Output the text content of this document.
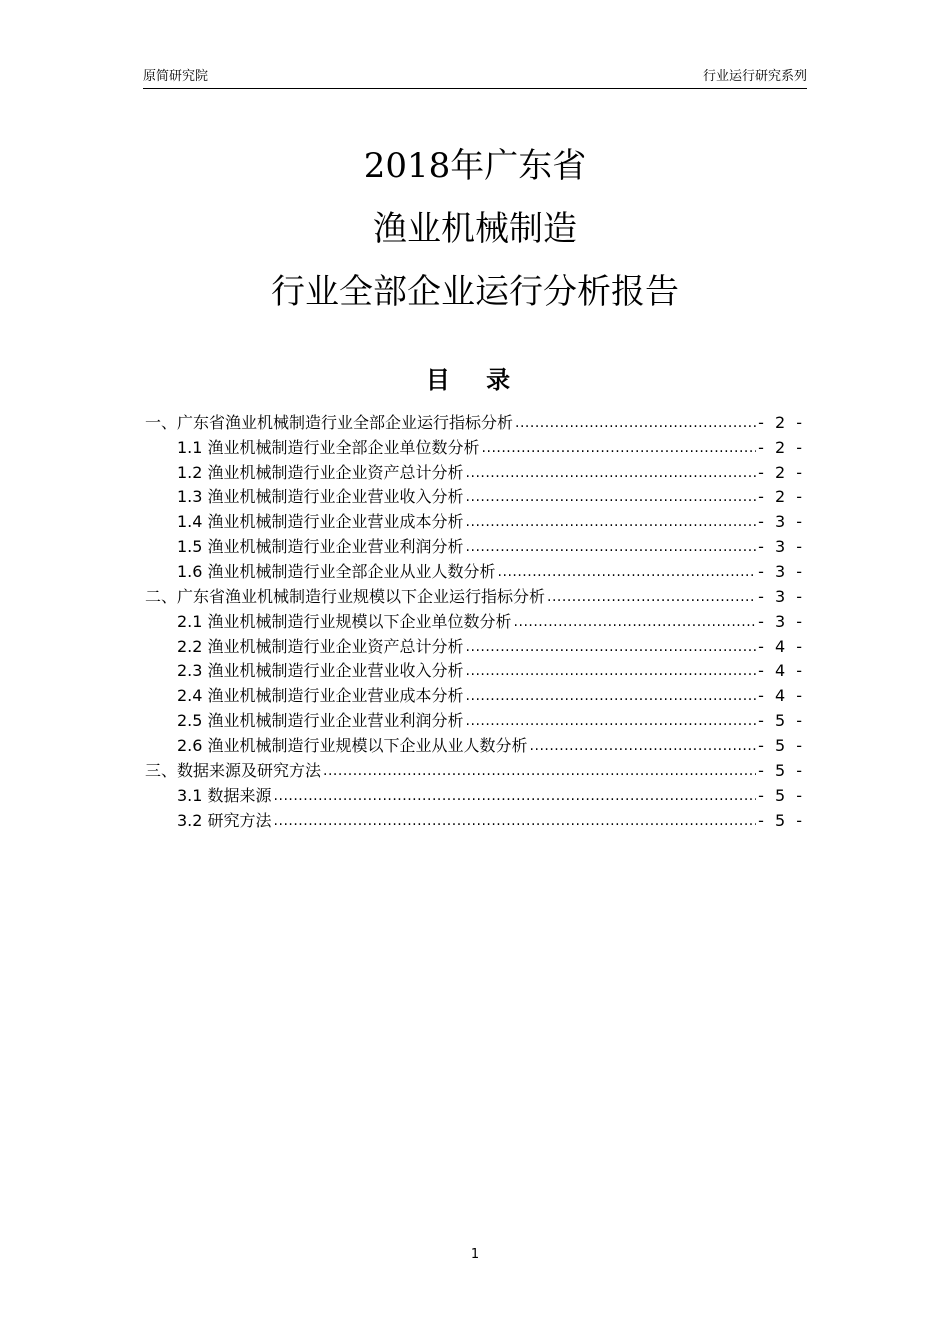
原简研究院	行业运行研究系列
2018年广东省
渔业机械制造
行业全部企业运行分析报告
目 录
一、广东省渔业机械制造行业全部企业运行指标分析 .....	- 2 -
1.1 渔业机械制造行业全部企业单位数分析 .....	- 2 -
1.2 渔业机械制造行业企业资产总计分析 .....	- 2 -
1.3 渔业机械制造行业企业营业收入分析 .....	- 2 -
1.4 渔业机械制造行业企业营业成本分析 .....	- 3 -
1.5 渔业机械制造行业企业营业利润分析 .....	- 3 -
1.6 渔业机械制造行业全部企业从业人数分析 .....	- 3 -
二、广东省渔业机械制造行业规模以下企业运行指标分析 .....	- 3 -
2.1 渔业机械制造行业规模以下企业单位数分析 .....	- 3 -
2.2 渔业机械制造行业企业资产总计分析 .....	- 4 -
2.3 渔业机械制造行业企业营业收入分析 .....	- 4 -
2.4 渔业机械制造行业企业营业成本分析 .....	- 4 -
2.5 渔业机械制造行业企业营业利润分析 .....	- 5 -
2.6 渔业机械制造行业规模以下企业从业人数分析 .....	- 5 -
三、数据来源及研究方法 .....	- 5 -
3.1 数据来源 .....	- 5 -
3.2 研究方法 .....	- 5 -
1
